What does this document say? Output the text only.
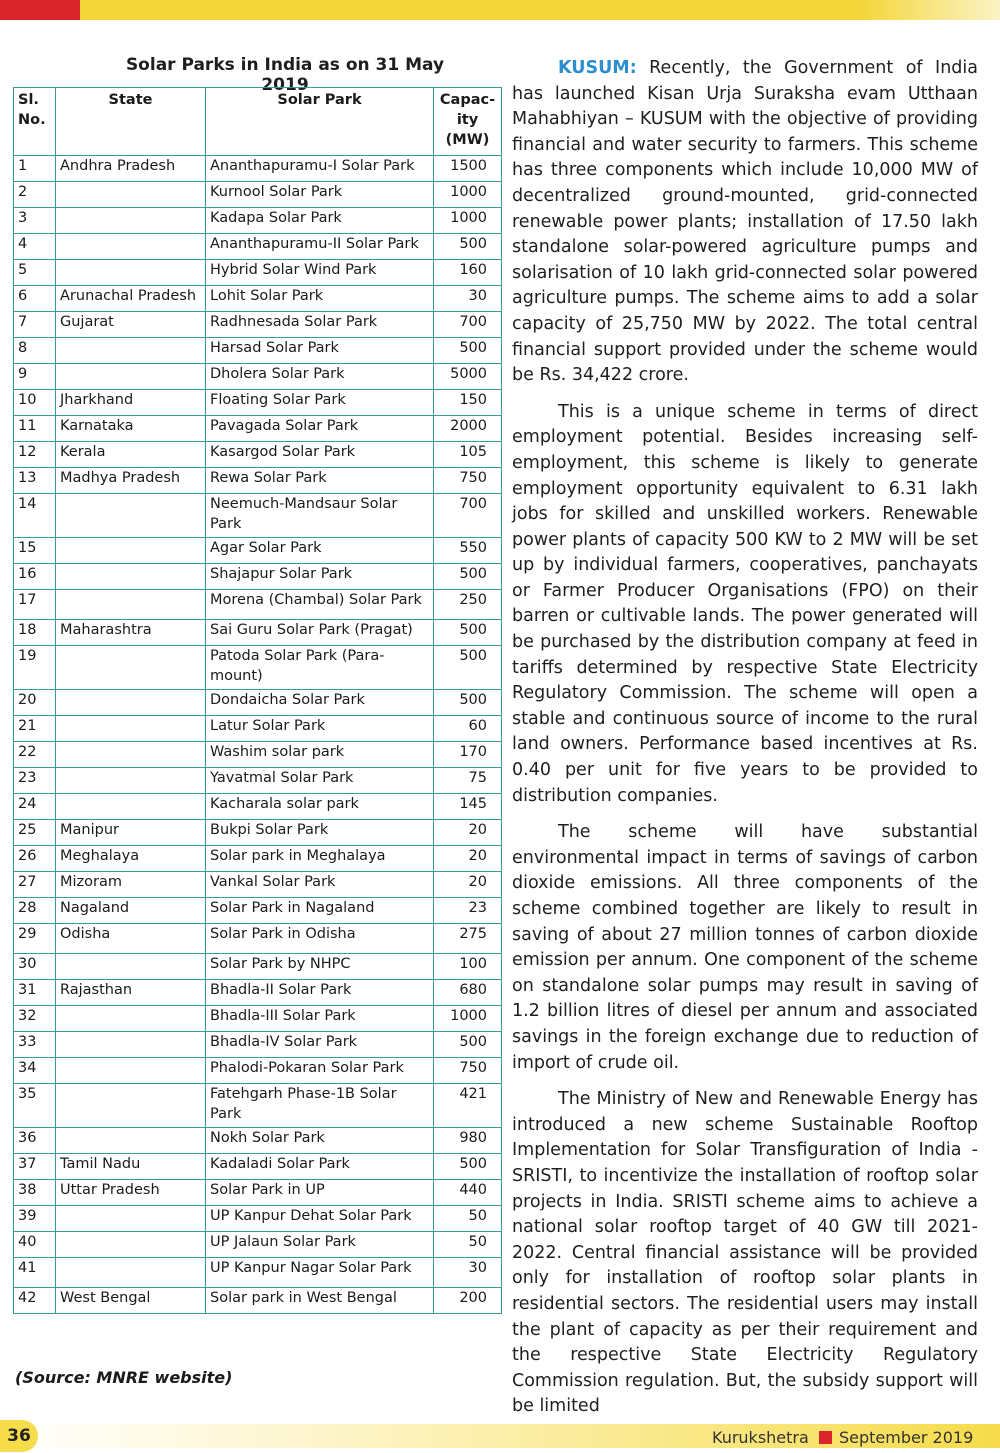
Solar Parks in India as on 31 May 2019
Sl. No.	State	Solar Park	Capac-ity (MW)
1	Andhra Pradesh	Ananthapuramu-I Solar Park	1500
2		Kurnool Solar Park	1000
3		Kadapa Solar Park	1000
4		Ananthapuramu-II Solar Park	500
5		Hybrid Solar Wind Park	160
6	Arunachal Pradesh	Lohit Solar Park	30
7	Gujarat	Radhnesada Solar Park	700
8		Harsad Solar Park	500
9		Dholera Solar Park	5000
10	Jharkhand	Floating Solar Park	150
11	Karnataka	Pavagada Solar Park	2000
12	Kerala	Kasargod Solar Park	105
13	Madhya Pradesh	Rewa Solar Park	750
14		Neemuch-Mandsaur Solar Park	700
15		Agar Solar Park	550
16		Shajapur Solar Park	500
17		Morena (Chambal) Solar Park	250
18	Maharashtra	Sai Guru Solar Park (Pragat)	500
19		Patoda Solar Park (Para-mount)	500
20		Dondaicha Solar Park	500
21		Latur Solar Park	60
22		Washim solar park	170
23		Yavatmal Solar Park	75
24		Kacharala solar park	145
25	Manipur	Bukpi Solar Park	20
26	Meghalaya	Solar park in Meghalaya	20
27	Mizoram	Vankal Solar Park	20
28	Nagaland	Solar Park in Nagaland	23
29	Odisha	Solar Park in Odisha	275
30		Solar Park by NHPC	100
31	Rajasthan	Bhadla-II Solar Park	680
32		Bhadla-III Solar Park	1000
33		Bhadla-IV Solar Park	500
34		Phalodi-Pokaran Solar Park	750
35		Fatehgarh Phase-1B Solar Park	421
36		Nokh Solar Park	980
37	Tamil Nadu	Kadaladi Solar Park	500
38	Uttar Pradesh	Solar Park in UP	440
39		UP Kanpur Dehat Solar Park	50
40		UP Jalaun Solar Park	50
41		UP Kanpur Nagar Solar Park	30
42	West Bengal	Solar park in West Bengal	200
(Source: MNRE website)

KUSUM: Recently, the Government of India has launched Kisan Urja Suraksha evam Utthaan Mahabhiyan – KUSUM with the objective of providing financial and water security to farmers. This scheme has three components which include 10,000 MW of decentralized ground-mounted, grid-connected renewable power plants; installation of 17.50 lakh standalone solar-powered agriculture pumps and solarisation of 10 lakh grid-connected solar powered agriculture pumps. The scheme aims to add a solar capacity of 25,750 MW by 2022. The total central financial support provided under the scheme would be Rs. 34,422 crore.

This is a unique scheme in terms of direct employment potential. Besides increasing self-employment, this scheme is likely to generate employment opportunity equivalent to 6.31 lakh jobs for skilled and unskilled workers. Renewable power plants of capacity 500 KW to 2 MW will be set up by individual farmers, cooperatives, panchayats or Farmer Producer Organisations (FPO) on their barren or cultivable lands. The power generated will be purchased by the distribution company at feed in tariffs determined by respective State Electricity Regulatory Commission. The scheme will open a stable and continuous source of income to the rural land owners. Performance based incentives at Rs. 0.40 per unit for five years to be provided to distribution companies.

The scheme will have substantial environmental impact in terms of savings of carbon dioxide emissions. All three components of the scheme combined together are likely to result in saving of about 27 million tonnes of carbon dioxide emission per annum. One component of the scheme on standalone solar pumps may result in saving of 1.2 billion litres of diesel per annum and associated savings in the foreign exchange due to reduction of import of crude oil.

The Ministry of New and Renewable Energy has introduced a new scheme Sustainable Rooftop Implementation for Solar Transfiguration of India - SRISTI, to incentivize the installation of rooftop solar projects in India. SRISTI scheme aims to achieve a national solar rooftop target of 40 GW till 2021-2022. Central financial assistance will be provided only for installation of rooftop solar plants in residential sectors. The residential users may install the plant of capacity as per their requirement and the respective State Electricity Regulatory Commission regulation. But, the subsidy support will be limited

36	Kurukshetra September 2019
